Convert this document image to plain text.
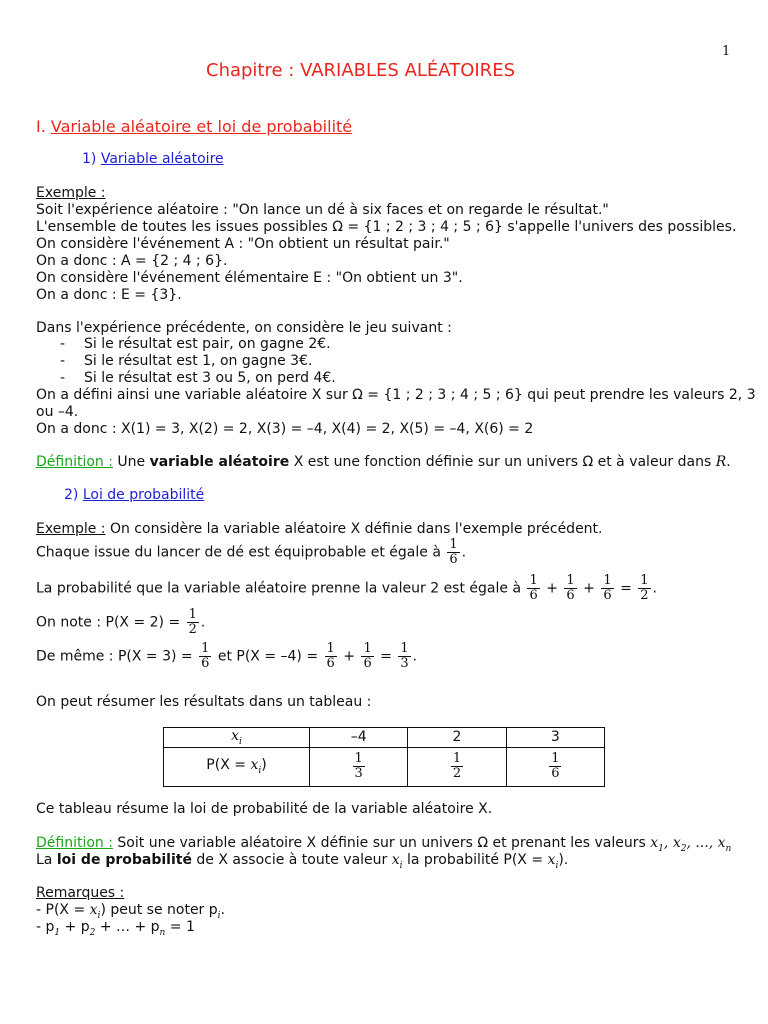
1
Chapitre : VARIABLES ALÉATOIRES
I. Variable aléatoire et loi de probabilité
1) Variable aléatoire
Exemple :
Soit l'expérience aléatoire : "On lance un dé à six faces et on regarde le résultat."
L'ensemble de toutes les issues possibles Ω = {1 ; 2 ; 3 ; 4 ; 5 ; 6} s'appelle l'univers des possibles.
On considère l'événement A : "On obtient un résultat pair."
On a donc : A = {2 ; 4 ; 6}.
On considère l'événement élémentaire E : "On obtient un 3".
On a donc : E = {3}.
Dans l'expérience précédente, on considère le jeu suivant :
- Si le résultat est pair, on gagne 2€.
- Si le résultat est 1, on gagne 3€.
- Si le résultat est 3 ou 5, on perd 4€.
On a défini ainsi une variable aléatoire X sur Ω = {1 ; 2 ; 3 ; 4 ; 5 ; 6} qui peut prendre les valeurs 2, 3
ou –4.
On a donc : X(1) = 3, X(2) = 2, X(3) = –4, X(4) = 2, X(5) = –4, X(6) = 2
Définition : Une variable aléatoire X est une fonction définie sur un univers Ω et à valeur dans R.
2) Loi de probabilité
Exemple : On considère la variable aléatoire X définie dans l'exemple précédent.
Chaque issue du lancer de dé est équiprobable et égale à $\frac{1}{6}$ .
La probabilité que la variable aléatoire prenne la valeur 2 est égale à $\frac{1}{6} + \frac{1}{6} + \frac{1}{6} = \frac{1}{2}$ .
On note : $P(X = 2) = \frac{1}{2}$ .
De même : $P(X = 3) = \frac{1}{6}$ et $P(X = -4) = \frac{1}{6} + \frac{1}{6} = \frac{1}{3}$ .
On peut résumer les résultats dans un tableau :
$x_i$	–4	2	3
$P(X = x_i)$	$\frac{1}{3}$	$\frac{1}{2}$	$\frac{1}{6}$
Ce tableau résume la loi de probabilité de la variable aléatoire X.
Définition : Soit une variable aléatoire X définie sur un univers Ω et prenant les valeurs $x_1$, $x_2$, ..., $x_n$
La loi de probabilité de X associe à toute valeur $x_i$ la probabilité $P(X = x_i)$.
Remarques :
- $P(X = x_i)$ peut se noter $p_i$.
- $p_1 + p_2$ + … + $p_n = 1$
